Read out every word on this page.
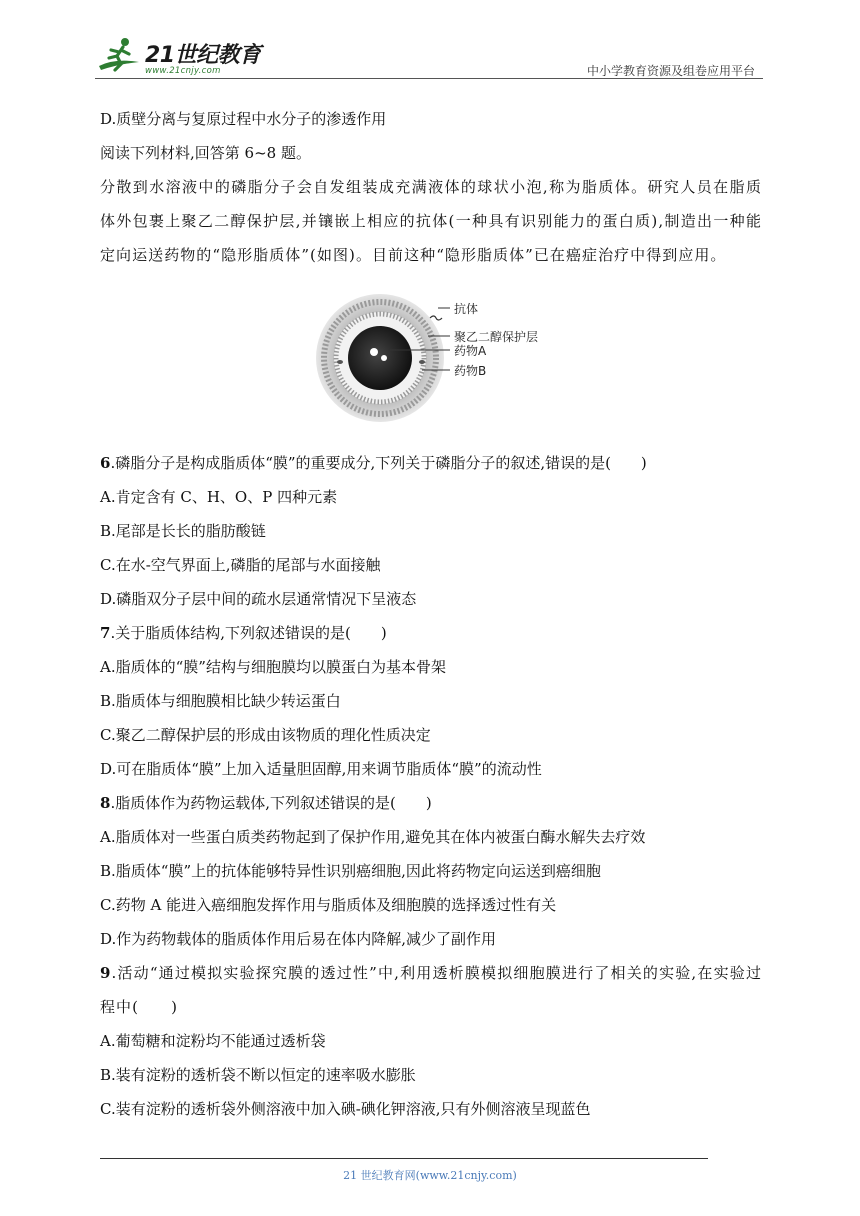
21世纪教育
www.21cnjy.com	中小学教育资源及组卷应用平台
D.质壁分离与复原过程中水分子的渗透作用
阅读下列材料,回答第 6~8 题。
分散到水溶液中的磷脂分子会自发组装成充满液体的球状小泡,称为脂质体。研究人员在脂质体外包裹上聚乙二醇保护层,并镶嵌上相应的抗体(一种具有识别能力的蛋白质),制造出一种能定向运送药物的“隐形脂质体”(如图)。目前这种“隐形脂质体”已在癌症治疗中得到应用。
抗体
聚乙二醇保护层
药物A
药物B
6.磷脂分子是构成脂质体“膜”的重要成分,下列关于磷脂分子的叙述,错误的是(　　)
A.肯定含有 C、H、O、P 四种元素
B.尾部是长长的脂肪酸链
C.在水-空气界面上,磷脂的尾部与水面接触
D.磷脂双分子层中间的疏水层通常情况下呈液态
7.关于脂质体结构,下列叙述错误的是(　　)
A.脂质体的“膜”结构与细胞膜均以膜蛋白为基本骨架
B.脂质体与细胞膜相比缺少转运蛋白
C.聚乙二醇保护层的形成由该物质的理化性质决定
D.可在脂质体“膜”上加入适量胆固醇,用来调节脂质体“膜”的流动性
8.脂质体作为药物运载体,下列叙述错误的是(　　)
A.脂质体对一些蛋白质类药物起到了保护作用,避免其在体内被蛋白酶水解失去疗效
B.脂质体“膜”上的抗体能够特异性识别癌细胞,因此将药物定向运送到癌细胞
C.药物 A 能进入癌细胞发挥作用与脂质体及细胞膜的选择透过性有关
D.作为药物载体的脂质体作用后易在体内降解,减少了副作用
9.活动“通过模拟实验探究膜的透过性”中,利用透析膜模拟细胞膜进行了相关的实验,在实验过程中(　　)
A.葡萄糖和淀粉均不能通过透析袋
B.装有淀粉的透析袋不断以恒定的速率吸水膨胀
C.装有淀粉的透析袋外侧溶液中加入碘-碘化钾溶液,只有外侧溶液呈现蓝色
21 世纪教育网(www.21cnjy.com)
